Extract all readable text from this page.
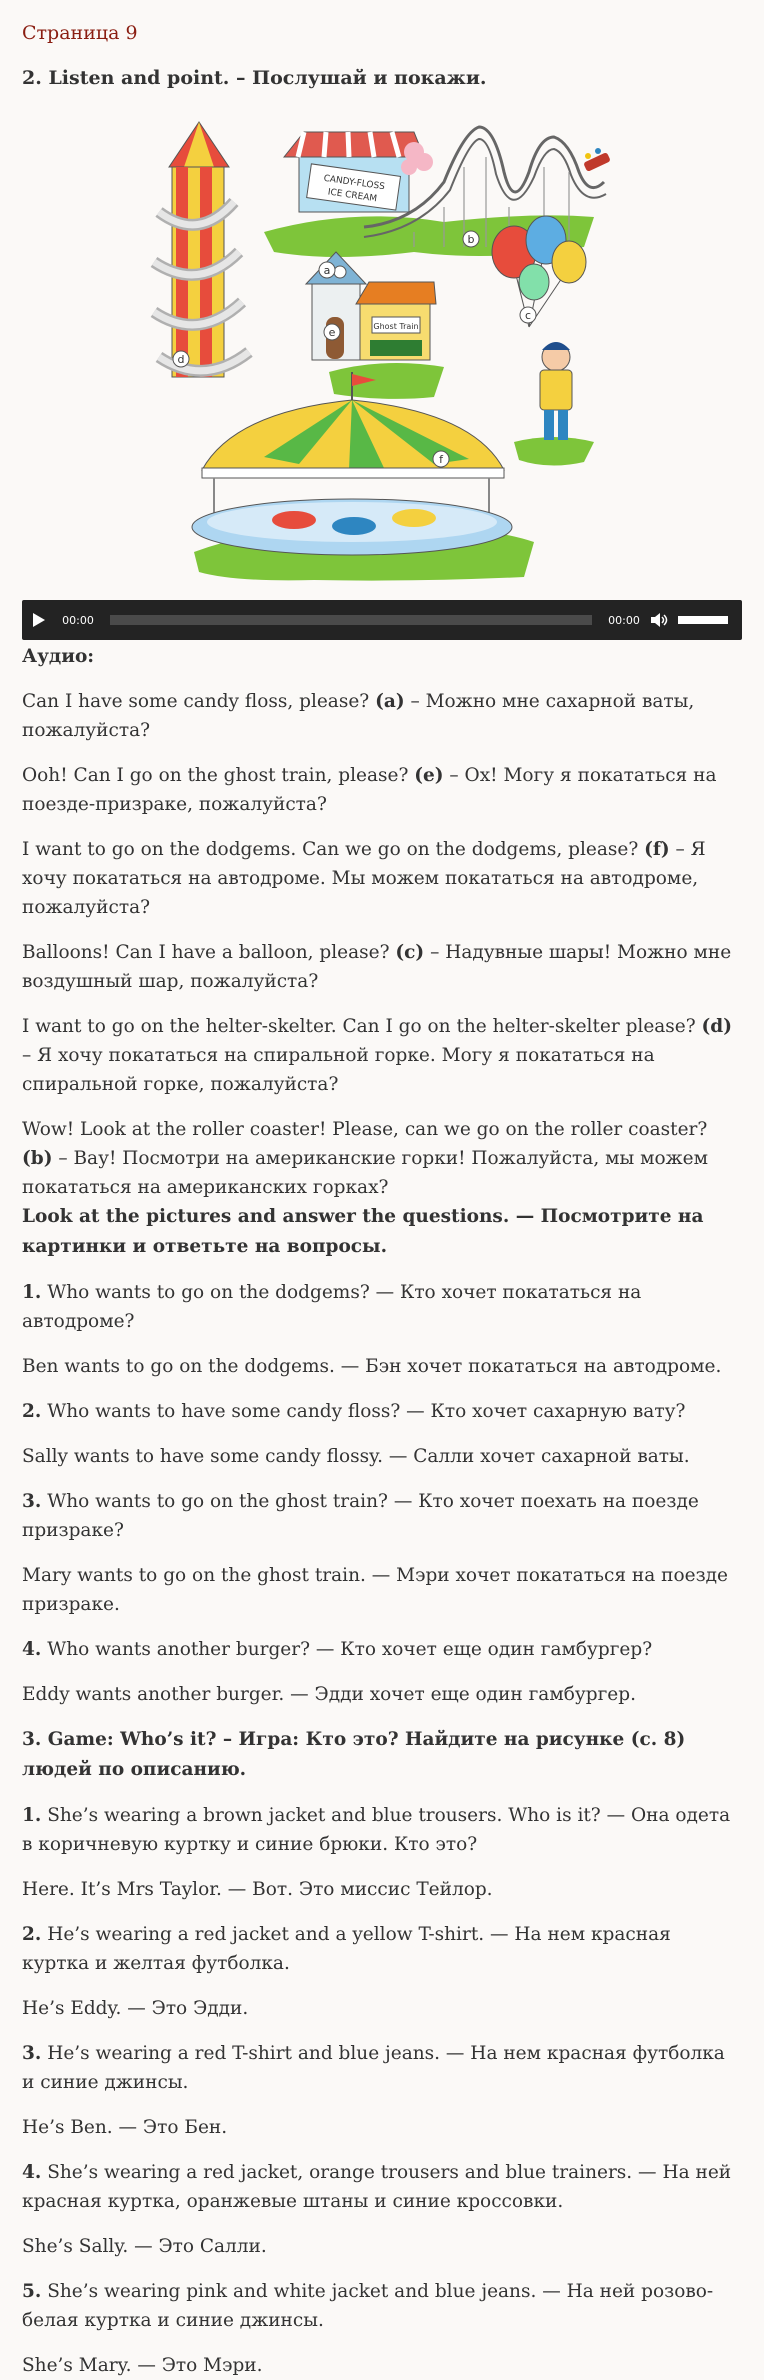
Страница 9

2. Listen and point. – Послушай и покажи.
CANDY-FLOSS
ICE CREAM
Ghost Train
a
b
c
d
e
f
00:00	00:00

Аудио:

Can I have some candy floss, please? (a) – Можно мне сахарной ваты, пожалуйста?

Ooh! Can I go on the ghost train, please? (e) – Ох! Могу я покататься на поезде-призраке, пожалуйста?

I want to go on the dodgems. Can we go on the dodgems, please? (f) – Я хочу покататься на автодроме. Мы можем покататься на автодроме, пожалуйста?

Balloons! Can I have a balloon, please? (c) – Надувные шары! Можно мне воздушный шар, пожалуйста?

I want to go on the helter-skelter. Can I go on the helter-skelter please? (d) – Я хочу покататься на спиральной горке. Могу я покататься на спиральной горке, пожалуйста?

Wow! Look at the roller coaster! Please, can we go on the roller coaster? (b) – Вау! Посмотри на американские горки! Пожалуйста, мы можем покататься на американских горках?

Look at the pictures and answer the questions. — Посмотрите на картинки и ответьте на вопросы.

1. Who wants to go on the dodgems? — Кто хочет покататься на автодроме?

Ben wants to go on the dodgems. — Бэн хочет покататься на автодроме.

2. Who wants to have some candy floss? — Кто хочет сахарную вату?

Sally wants to have some candy flossy. — Салли хочет сахарной ваты.

3. Who wants to go on the ghost train? — Кто хочет поехать на поезде призраке?

Mary wants to go on the ghost train. — Мэри хочет покататься на поезде призраке.

4. Who wants another burger? — Кто хочет еще один гамбургер?

Eddy wants another burger. — Эдди хочет еще один гамбургер.

3. Game: Who’s it? – Игра: Кто это? Найдите на рисунке (с. 8) людей по описанию.

1. She’s wearing a brown jacket and blue trousers. Who is it? — Она одета в коричневую куртку и синие брюки. Кто это?

Here. It’s Mrs Taylor. — Вот. Это миссис Тейлор.

2. He’s wearing a red jacket and a yellow T-shirt. — На нем красная куртка и желтая футболка.

He’s Eddy. — Это Эдди.

3. He’s wearing a red T-shirt and blue jeans. — На нем красная футболка и синие джинсы.

He’s Ben. — Это Бен.

4. She’s wearing a red jacket, orange trousers and blue trainers. — На ней красная куртка, оранжевые штаны и синие кроссовки.

She’s Sally. — Это Салли.

5. She’s wearing pink and white jacket and blue jeans. — На ней розово-белая куртка и синие джинсы.

She’s Mary. — Это Мэри.
